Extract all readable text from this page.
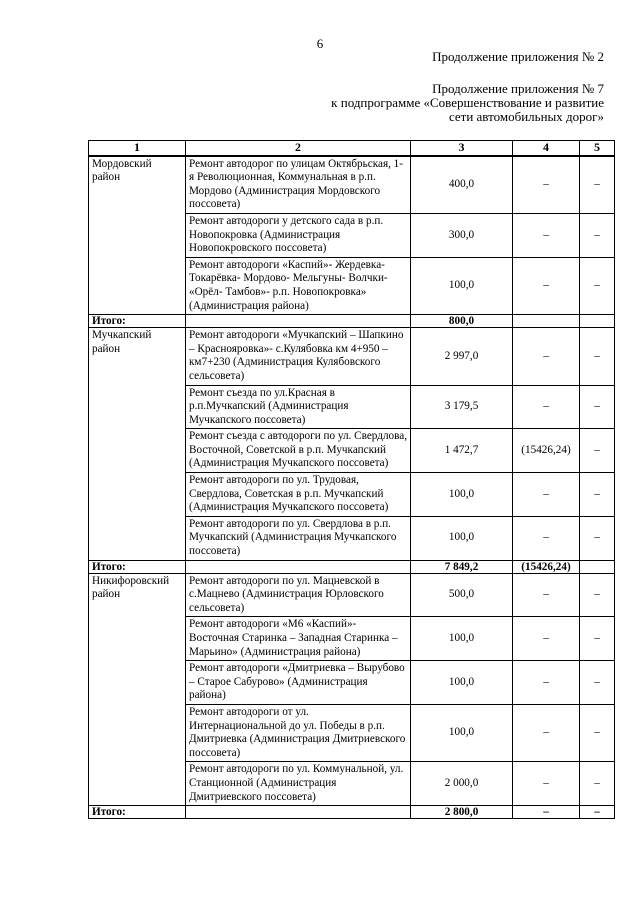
6
Продолжение приложения № 2
Продолжение приложения № 7
к подпрограмме «Совершенствование и развитие
сети автомобильных дорог»
1	2	3	4	5
Мордовский район	Ремонт автодорог по улицам Октябрьская, 1-я Революционная, Коммунальная в р.п. Мордово (Администрация Мордовского поссовета)	400,0	–	–
	Ремонт автодороги у детского сада в р.п. Новопокровка (Администрация Новопокровского поссовета)	300,0	–	–
	Ремонт автодороги «Каспий»- Жердевка- Токарёвка- Мордово- Мельгуны- Волчки- «Орёл- Тамбов»- р.п. Новопокровка» (Администрация района)	100,0	–	–
Итого:		800,0		
Мучкапский район	Ремонт автодороги «Мучкапский – Шапкино – Краснояровка»- с.Кулябовка км 4+950 – км7+230 (Администрация Кулябовского сельсовета)	2 997,0	–	–
	Ремонт съезда по ул.Красная в р.п.Мучкапский (Администрация Мучкапского поссовета)	3 179,5	–	–
	Ремонт съезда с автодороги по ул. Свердлова, Восточной, Советской в р.п. Мучкапский (Администрация Мучкапского поссовета)	1 472,7	(15426,24)	–
	Ремонт автодороги по ул. Трудовая, Свердлова, Советская в р.п. Мучкапский (Администрация Мучкапского поссовета)	100,0	–	–
	Ремонт автодороги по ул. Свердлова в р.п. Мучкапский (Администрация Мучкапского поссовета)	100,0	–	–
Итого:		7 849,2	(15426,24)	
Никифоровский район	Ремонт автодороги по ул. Мацневской в с.Мацнево (Администрация Юрловского сельсовета)	500,0	–	–
	Ремонт автодороги «М6 «Каспий»- Восточная Старинка – Западная Старинка – Марьино» (Администрация района)	100,0	–	–
	Ремонт автодороги «Дмитриевка – Вырубово – Старое Сабурово» (Администрация района)	100,0	–	–
	Ремонт автодороги от ул. Интернациональной до ул. Победы в р.п. Дмитриевка (Администрация Дмитриевского поссовета)	100,0	–	–
	Ремонт автодороги по ул. Коммунальной, ул. Станционной (Администрация Дмитриевского поссовета)	2 000,0	–	–
Итого:		2 800,0	–	–
